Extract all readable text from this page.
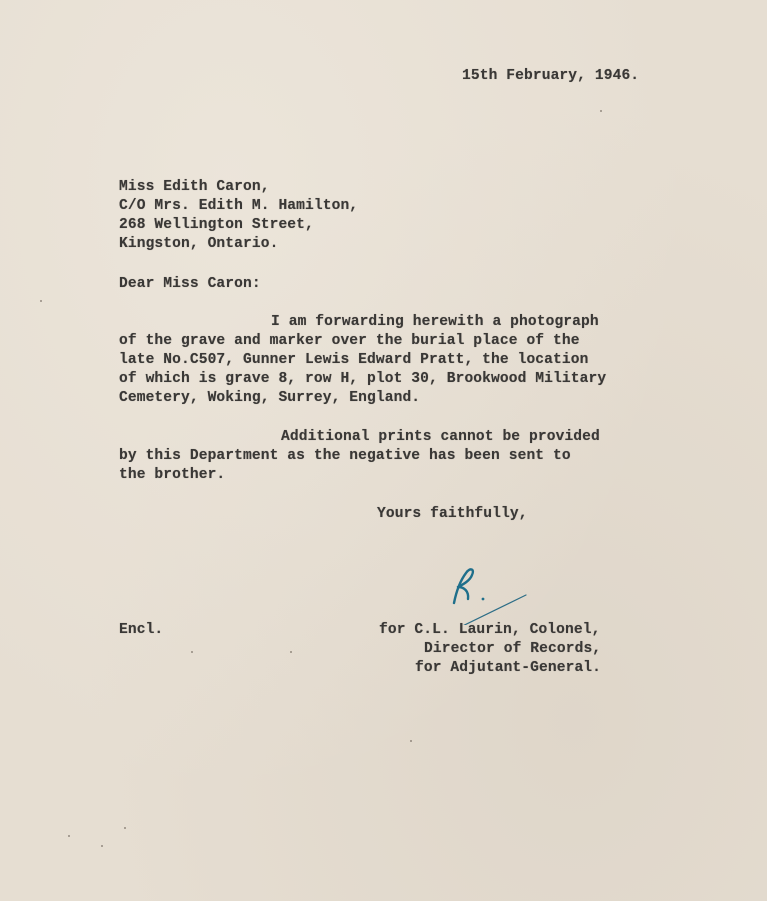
15th February, 1946.
Miss Edith Caron,
C/O Mrs. Edith M. Hamilton,
268 Wellington Street,
Kingston, Ontario.
Dear Miss Caron:
I am forwarding herewith a photograph
of the grave and marker over the burial place of the
late No.C507, Gunner Lewis Edward Pratt, the location
of which is grave 8, row H, plot 30, Brookwood Military
Cemetery, Woking, Surrey, England.
Additional prints cannot be provided
by this Department as the negative has been sent to
the brother.
Yours faithfully,
Encl.	for C.L. Laurin, Colonel,
Director of Records,
for Adjutant-General.
